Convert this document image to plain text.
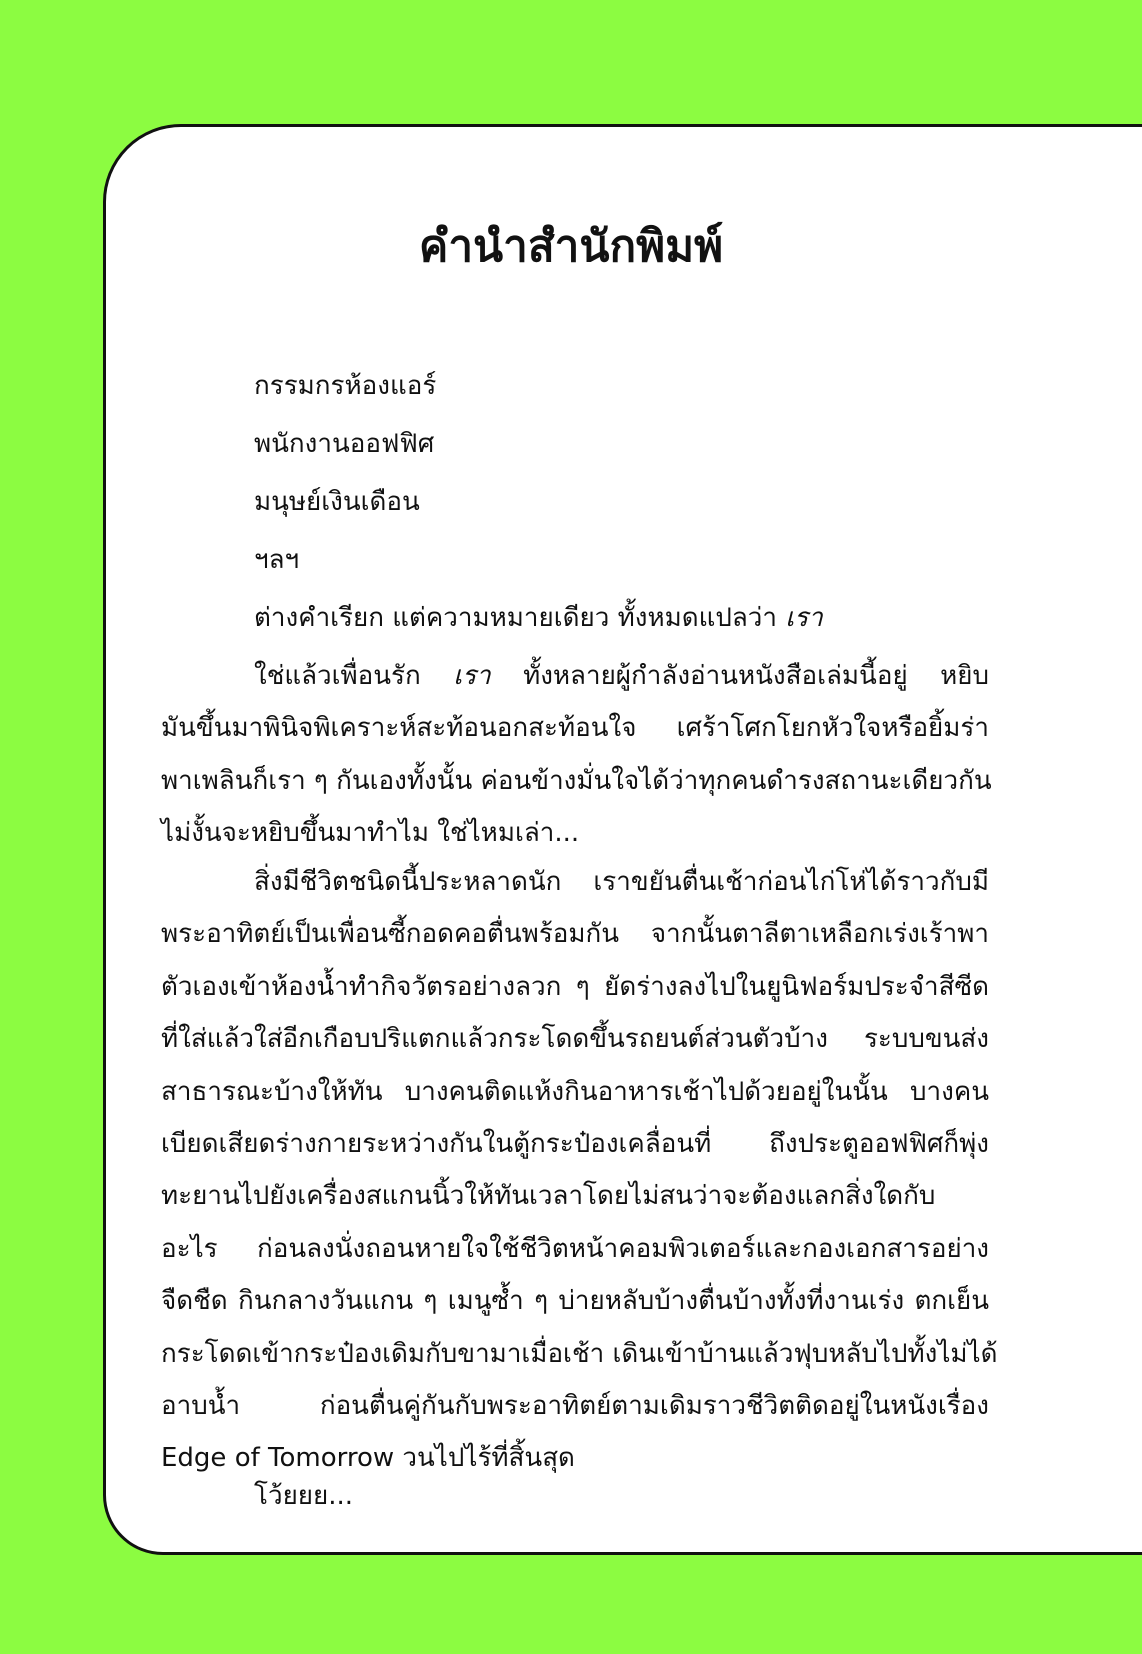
คำนำสำนักพิมพ์
กรรมกรห้องแอร์
พนักงานออฟฟิศ
มนุษย์เงินเดือน
ฯลฯ
ต่างคำเรียก แต่ความหมายเดียว ทั้งหมดแปลว่า เรา
ใช่แล้วเพื่อนรัก เรา ทั้งหลายผู้กำลังอ่านหนังสือเล่มนี้อยู่ หยิบ
มันขึ้นมาพินิจพิเคราะห์สะท้อนอกสะท้อนใจ เศร้าโศกโยกหัวใจหรือยิ้มร่า
พาเพลินก็เรา ๆ กันเองทั้งนั้น ค่อนข้างมั่นใจได้ว่าทุกคนดำรงสถานะเดียวกัน
ไม่งั้นจะหยิบขึ้นมาทำไม ใช่ไหมเล่า...
สิ่งมีชีวิตชนิดนี้ประหลาดนัก เราขยันตื่นเช้าก่อนไก่โห่ได้ราวกับมี
พระอาทิตย์เป็นเพื่อนซี้กอดคอตื่นพร้อมกัน จากนั้นตาลีตาเหลือกเร่งเร้าพา
ตัวเองเข้าห้องน้ำทำกิจวัตรอย่างลวก ๆ ยัดร่างลงไปในยูนิฟอร์มประจำสีซีด
ที่ใส่แล้วใส่อีกเกือบปริแตกแล้วกระโดดขึ้นรถยนต์ส่วนตัวบ้าง ระบบขนส่ง
สาธารณะบ้างให้ทัน บางคนติดแห้งกินอาหารเช้าไปด้วยอยู่ในนั้น บางคน
เบียดเสียดร่างกายระหว่างกันในตู้กระป๋องเคลื่อนที่ ถึงประตูออฟฟิศก็พุ่ง
ทะยานไปยังเครื่องสแกนนิ้วให้ทันเวลาโดยไม่สนว่าจะต้องแลกสิ่งใดกับ
อะไร ก่อนลงนั่งถอนหายใจใช้ชีวิตหน้าคอมพิวเตอร์และกองเอกสารอย่าง
จืดชืด กินกลางวันแกน ๆ เมนูซ้ำ ๆ บ่ายหลับบ้างตื่นบ้างทั้งที่งานเร่ง ตกเย็น
กระโดดเข้ากระป๋องเดิมกับขามาเมื่อเช้า เดินเข้าบ้านแล้วฟุบหลับไปทั้งไม่ได้
อาบน้ำ ก่อนตื่นคู่กันกับพระอาทิตย์ตามเดิมราวชีวิตติดอยู่ในหนังเรื่อง
Edge of Tomorrow วนไปไร้ที่สิ้นสุด
โว้ยยย...
